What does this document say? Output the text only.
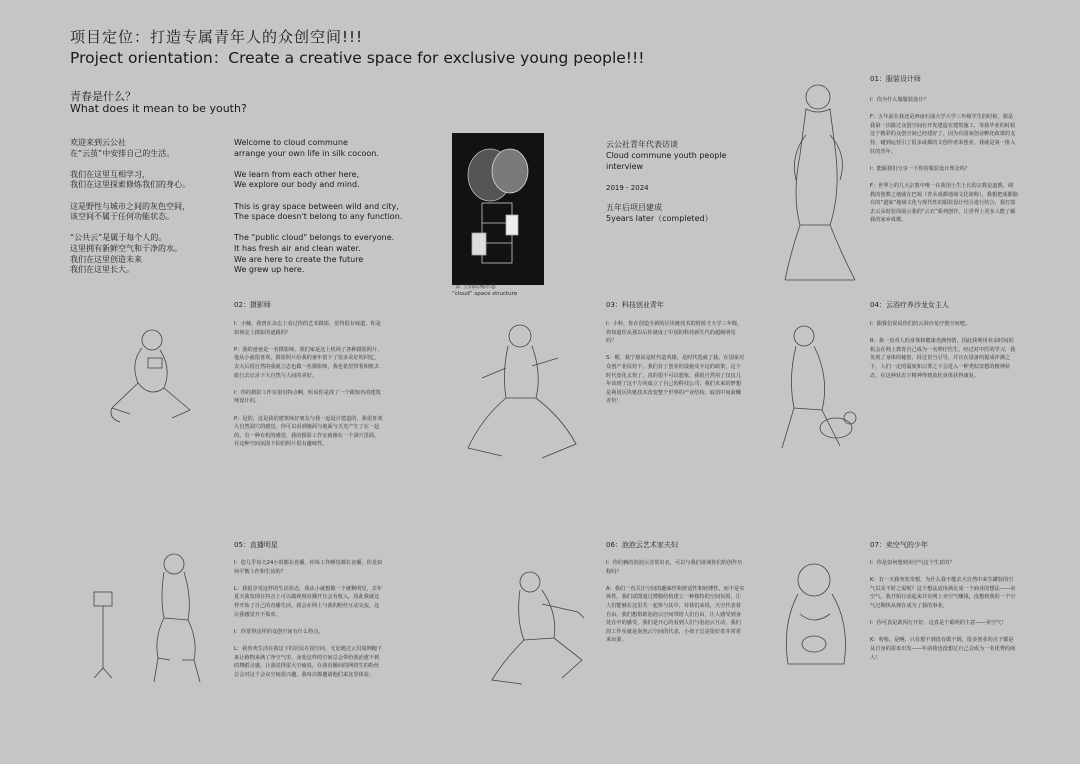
项目定位：打造专属青年人的众创空间!!!
Project orientation：Create a creative space for exclusive young people!!!
青春是什么？
What does it mean to be youth?
欢迎来到云公社
在“云茧”中安排自己的生活。

我们在这里互相学习，
我们在这里探索修炼我们的身心。

这是野性与城市之间的灰色空间，
该空间不属于任何功能状态。

“公共云”是属于每个人的。
这里拥有新鲜空气和干净的水。
我们在这里创造未来
我们在这里长大。
Welcome to cloud commune
arrange your own life in silk cocoon.

We learn from each other here,
We explore our body and mind.

This is gray space between wild and city,
The space doesn't belong to any function.

The "public cloud" belongs to everyone.
It has fresh air and clean water.
We are here to create the future
We grew up here.
“云”空间结构示意
“cloud” space structure
云公社青年代表访谈
Cloud commune youth people
interview
2019 - 2024
五年后项目建成
5years later（completed）
01：服装设计师
I：你为什么做服装设计？

F：五年前在我还是西南石油大学大学三年级学生的时候，那是我第一次路过众创空间在开发建造在建筑施工，等我毕业的时候这个精彩的众创空间已经建好了。因为有国家创业孵化政策的支持，碰到运营引了很多或都的文创作者来创业，我就是第一批入驻的青年。

I：能跟我们分享一下你的服装设计理念吗？

F：世界上的几大宗教中唯一在我国土生土长的宗教是道教，调教的创教之地就在巴蜀（青永成都地域文化简称），我想把成都独有的“道家”地域文化与现代性的服装设计结合进行结合，我打算去云朵时装周展示我的“云衣”系列创作，让世界上更多人能了解我的家乡成都。
02：摄影师
I：小楠，我曾在杂志上看过你的艺术摄影，觉得很有味道，你是如何走上摄影的道路的？

P：我的爸爸是一名摄影师，我们家是这上机场了各种摄影照片，他从小就很喜欢，摄影照片给我的童年留下了很多美好的回忆，去大后很自然的我就立志也做一名摄影师，我也希望带着相机去旅行去记录下大自然与人间的美好。

I：你的摄影工作室很有特点啊，听说你是找了一个跟知名的建筑师设计的。

P：是的，这是我的建筑师好朋友与我一起设计建造的，我很喜欢大自然洞穴的感觉，你可以看到墙面与地面与天光产生了在一起的，有一种有机的感觉，我的摄影工作室就像在一个洞穴里面，在这种空间氛围下拍的照片很有趣味性。
03：科技创业青年
I：小科，你在创造全新的区块链技术的时候才大学三年级，你知道你从那以后你就成了中国的科技新生代的超级明星吗？

S：嗯，我宁愿说是时代造英雄，是时代选就了我，在国家对众创产业扶持下，我们有了创业的设施及丰这的政策，这个时代变化太快了，真的很不可以想象，我很自然用了仅仅几年该到了这不方向成立了自己的科技公司，我们未来的梦想是利用区块链技术改变整个世界的产业结构，取消中间商赚差价！
04：云浴疗养沙龙女主人
I：跟我们说说你们的云浴沙龙疗愈空间吧。

R：我一直对人的身体和健康充满热情，因此我利用业余时间的机会在网上教育自己成为一名理疗医生，经过对中医的学习，我发现了身体的秘密，持过语当引导，并且在设备的提成评测之下，人们一定的温度和云雾之下会进入一种类似冥想的精神状态，在这种状态下精神得到放松身体获得康复。
05：直播明星
I：您几乎每天24小时都在直播，你每工作睡觉都在直播，你是如何平衡工作和生活的？

L：我很享受这样的生活状态，我从小就想做一个就剩明星，去年夏天我发现在抖音上可以做视频直播开且会有收入，因此我就这样开始了自己的直播生活，我会在网上与我的粉丝互动交流，这让我感觉并不孤单。

I：你觉得这样的众创空间有什么特点。

L：我喜欢生活在我这下的居民在园空间，无论遇过云贝闻则跑下来让植物来满了净空气里，身处这样的空间总会带给我治愈不到的舞蹈灵感，让我觉得雷大空疲说，在我直播间的网络生的粉丝总会对这个会议空间很兴趣，我每次都邀请他们来这里体验。
06：泡泡云艺术家夫妇
I：你们俩的泡泡云非常出名，可以与我们谈谈你们的创作历程吗？

A：我们一直关注空间的趣味性和舒适性和轻薄性，而不是实体性，我们试图通过薄膜结构建立一种独特的空间氛围，让人们能够在这里共一起参与其中，对我们来说，天空代表着自由，我们想借助泡泡云空间带给人们自由，让人感受到身处在中的感受，我们是开心的看到人们与泡泡云互动，我们的工作室就是泡泡云空间的代表，小孩子总是很好奇并常常来玩耍。
07：卖空气的少年
I：你是如何想到卖空气这个生意的？

K：有一天我突发奇想，为什么我不能去大自然中来生罐装的空气以及不时之需呢？这个想法适用满足成一个商业的想法——卖空气，我开始行动起来并在网上卖空气赚钱，没想到我的一个空气过期快从现在成为了我的事业。

I：你可真是敢闯行开好，这真是个聪明的主意——卖空气！

K：哈哈，是啊，只有想不到没有做不到，很多创业的点子都是从自身的需求出发——年前我也没想过自己会成为一名优秀的商人！
